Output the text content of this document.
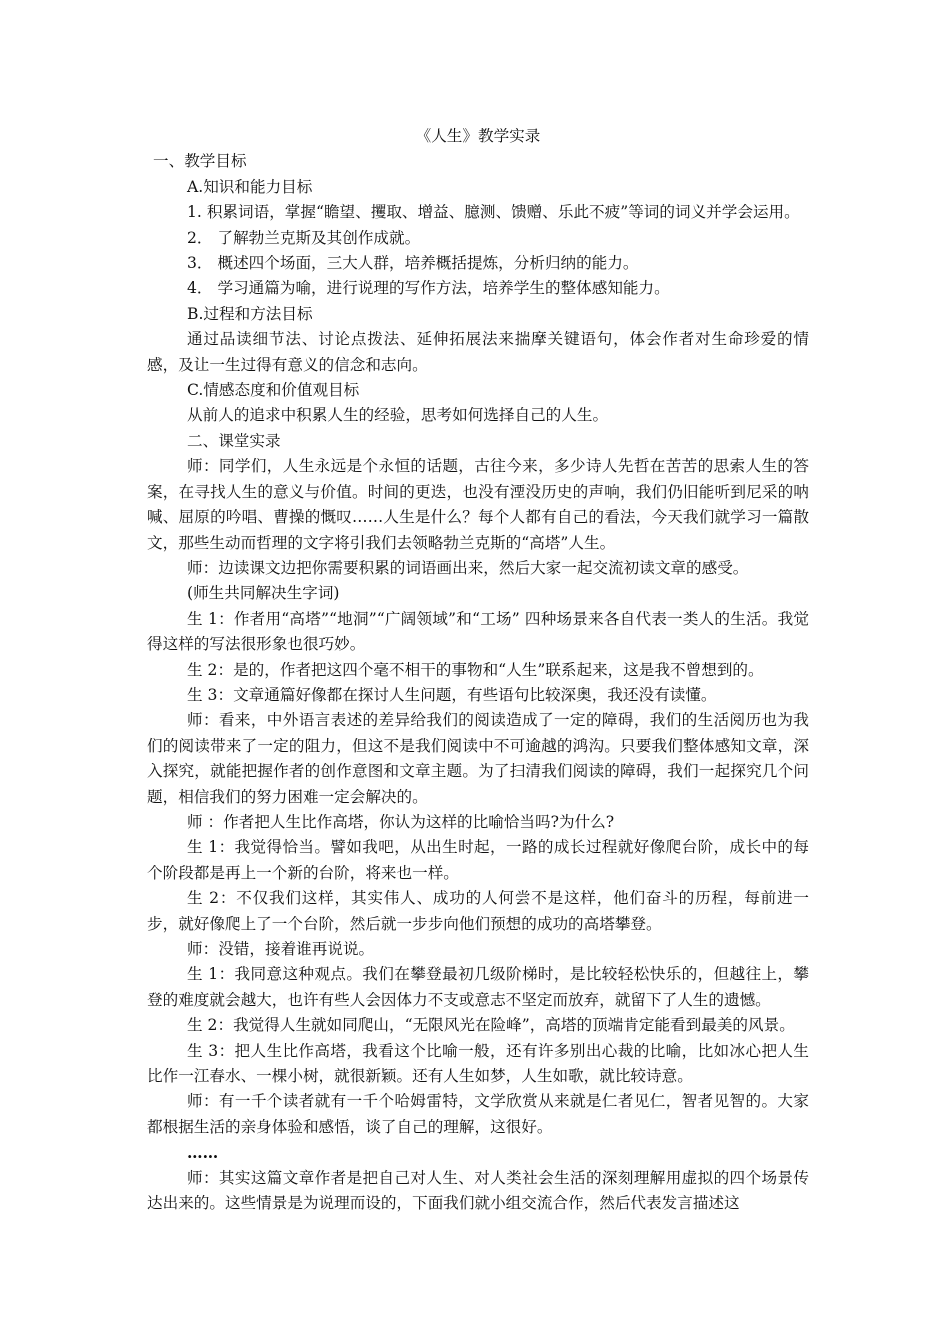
《人生》教学实录

一、教学目标

A.知识和能力目标

1. 积累词语，掌握“瞻望、攫取、增益、臆测、馈赠、乐此不疲”等词的词义并学会运用。

2． 了解勃兰克斯及其创作成就。

3． 概述四个场面，三大人群，培养概括提炼，分析归纳的能力。

4． 学习通篇为喻，进行说理的写作方法，培养学生的整体感知能力。

B.过程和方法目标

通过品读细节法、讨论点拨法、延伸拓展法来揣摩关键语句，体会作者对生命珍爱的情感，及让一生过得有意义的信念和志向。

C.情感态度和价值观目标

从前人的追求中积累人生的经验，思考如何选择自己的人生。

二、课堂实录

师：同学们，人生永远是个永恒的话题，古往今来，多少诗人先哲在苦苦的思索人生的答案，在寻找人生的意义与价值。时间的更迭，也没有湮没历史的声响，我们仍旧能听到尼采的呐喊、屈原的吟唱、曹操的慨叹……人生是什么？每个人都有自己的看法，今天我们就学习一篇散文，那些生动而哲理的文字将引我们去领略勃兰克斯的“高塔”人生。

师：边读课文边把你需要积累的词语画出来，然后大家一起交流初读文章的感受。

(师生共同解决生字词)

生 1：作者用“高塔”“地洞”“广阔领域”和“工场” 四种场景来各自代表一类人的生活。我觉得这样的写法很形象也很巧妙。

生 2：是的，作者把这四个毫不相干的事物和“人生”联系起来，这是我不曾想到的。

生 3：文章通篇好像都在探讨人生问题，有些语句比较深奥，我还没有读懂。

师：看来，中外语言表述的差异给我们的阅读造成了一定的障碍，我们的生活阅历也为我们的阅读带来了一定的阻力，但这不是我们阅读中不可逾越的鸿沟。只要我们整体感知文章，深入探究，就能把握作者的创作意图和文章主题。为了扫清我们阅读的障碍，我们一起探究几个问题，相信我们的努力困难一定会解决的。

师 ：作者把人生比作高塔，你认为这样的比喻恰当吗?为什么?

生 1：我觉得恰当。譬如我吧，从出生时起，一路的成长过程就好像爬台阶，成长中的每个阶段都是再上一个新的台阶，将来也一样。

生 2：不仅我们这样，其实伟人、成功的人何尝不是这样，他们奋斗的历程，每前进一步，就好像爬上了一个台阶，然后就一步步向他们预想的成功的高塔攀登。

师：没错，接着谁再说说。

生 1：我同意这种观点。我们在攀登最初几级阶梯时，是比较轻松快乐的，但越往上，攀登的难度就会越大，也许有些人会因体力不支或意志不坚定而放弃，就留下了人生的遗憾。

生 2：我觉得人生就如同爬山，“无限风光在险峰”，高塔的顶端肯定能看到最美的风景。

生 3：把人生比作高塔，我看这个比喻一般，还有许多别出心裁的比喻，比如冰心把人生比作一江春水、一棵小树，就很新颖。还有人生如梦，人生如歌，就比较诗意。

师：有一千个读者就有一千个哈姆雷特，文学欣赏从来就是仁者见仁，智者见智的。大家都根据生活的亲身体验和感悟，谈了自己的理解，这很好。

……

师：其实这篇文章作者是把自己对人生、对人类社会生活的深刻理解用虚拟的四个场景传达出来的。这些情景是为说理而设的，下面我们就小组交流合作，然后代表发言描述这
